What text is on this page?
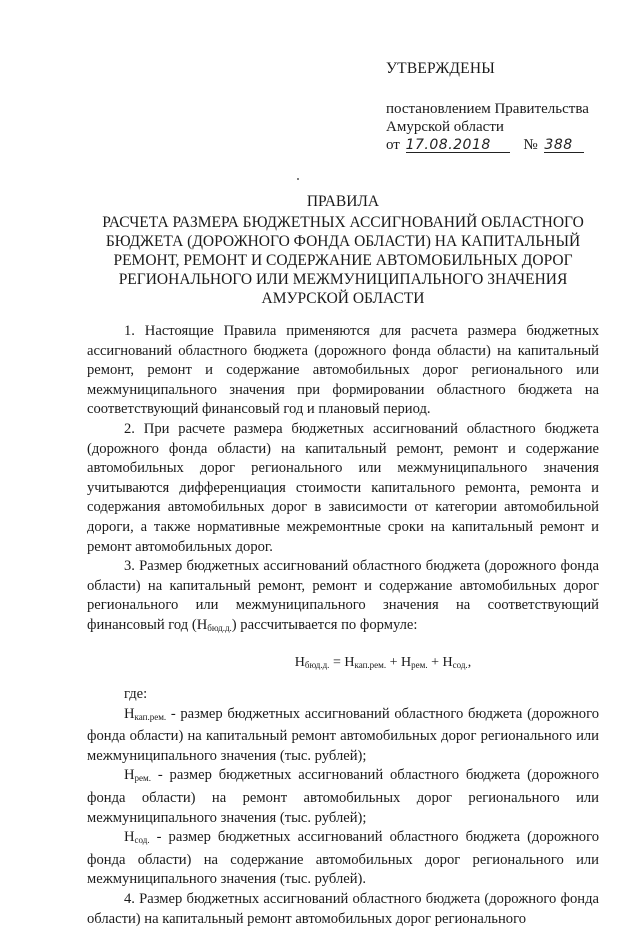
УТВЕРЖДЕНЫ
постановлением Правительства
Амурской области
от 17.08.2018 № 388
ПРАВИЛА
РАСЧЕТА РАЗМЕРА БЮДЖЕТНЫХ АССИГНОВАНИЙ ОБЛАСТНОГО
БЮДЖЕТА (ДОРОЖНОГО ФОНДА ОБЛАСТИ) НА КАПИТАЛЬНЫЙ
РЕМОНТ, РЕМОНТ И СОДЕРЖАНИЕ АВТОМОБИЛЬНЫХ ДОРОГ
РЕГИОНАЛЬНОГО ИЛИ МЕЖМУНИЦИПАЛЬНОГО ЗНАЧЕНИЯ
АМУРСКОЙ ОБЛАСТИ

1. Настоящие Правила применяются для расчета размера бюджетных ассигнований областного бюджета (дорожного фонда области) на капитальный ремонт, ремонт и содержание автомобильных дорог регионального или межмуниципального значения при формировании областного бюджета на соответствующий финансовый год и плановый период.

2. При расчете размера бюджетных ассигнований областного бюджета (дорожного фонда области) на капитальный ремонт, ремонт и содержание автомобильных дорог регионального или межмуниципального значения учитываются дифференциация стоимости капитального ремонта, ремонта и содержания автомобильных дорог в зависимости от категории автомобильной дороги, а также нормативные межремонтные сроки на капитальный ремонт и ремонт автомобильных дорог.

3. Размер бюджетных ассигнований областного бюджета (дорожного фонда области) на капитальный ремонт, ремонт и содержание автомобильных дорог регионального или межмуниципального значения на соответствующий финансовый год $(Н_{бюд.д.})$ рассчитывается по формуле:

$Н_{бюд.д.} = Н_{кап.рем.} + Н_{рем.} + Н_{сод.}$,

где:

$Н_{кап.рем.}$ - размер бюджетных ассигнований областного бюджета (дорожного фонда области) на капитальный ремонт автомобильных дорог регионального или межмуниципального значения (тыс. рублей);

$Н_{рем.}$ - размер бюджетных ассигнований областного бюджета (дорожного фонда области) на ремонт автомобильных дорог регионального или межмуниципального значения (тыс. рублей);

$Н_{сод.}$ - размер бюджетных ассигнований областного бюджета (дорожного фонда области) на содержание автомобильных дорог регионального или межмуниципального значения (тыс. рублей).

4. Размер бюджетных ассигнований областного бюджета (дорожного фонда области) на капитальный ремонт автомобильных дорог регионального
